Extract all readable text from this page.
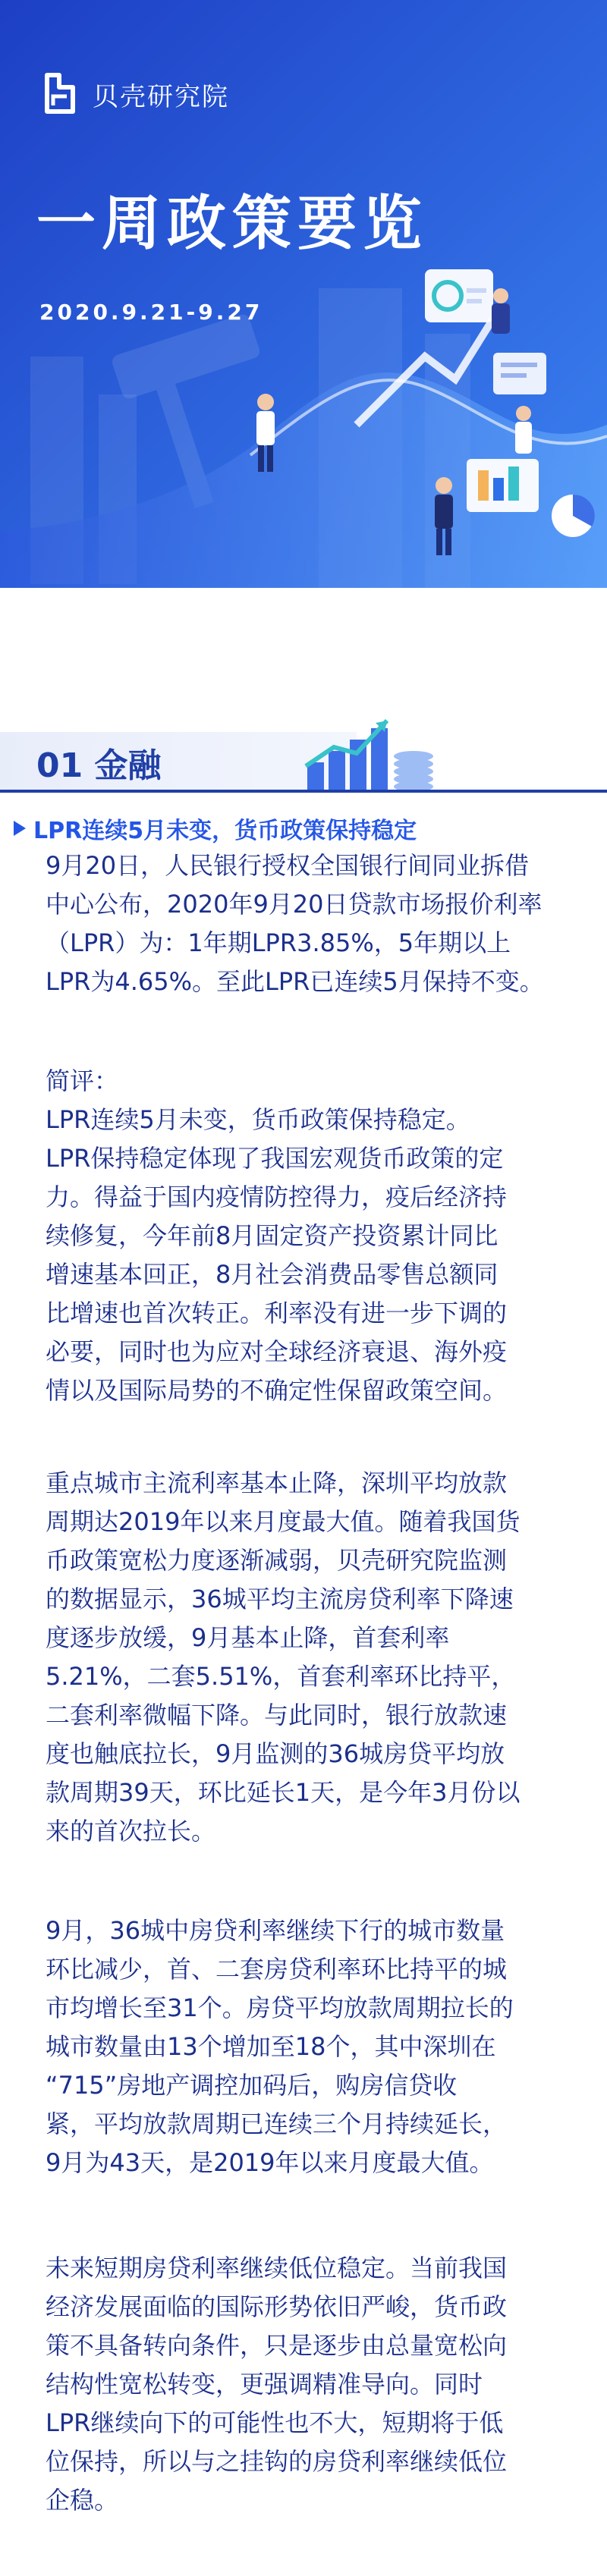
贝壳研究院
一周政策要览
2020.9.21-9.27
01 金融
LPR连续5月未变，货币政策保持稳定
9月20日，人民银行授权全国银行间同业拆借
中心公布，2020年9月20日贷款市场报价利率
（LPR）为：1年期LPR3.85%，5年期以上
LPR为4.65%。至此LPR已连续5月保持不变。
简评：
LPR连续5月未变，货币政策保持稳定。
LPR保持稳定体现了我国宏观货币政策的定
力。得益于国内疫情防控得力，疫后经济持
续修复，今年前8月固定资产投资累计同比
增速基本回正，8月社会消费品零售总额同
比增速也首次转正。利率没有进一步下调的
必要，同时也为应对全球经济衰退、海外疫
情以及国际局势的不确定性保留政策空间。
重点城市主流利率基本止降，深圳平均放款
周期达2019年以来月度最大值。随着我国货
币政策宽松力度逐渐减弱，贝壳研究院监测
的数据显示，36城平均主流房贷利率下降速
度逐步放缓，9月基本止降，首套利率
5.21%，二套5.51%，首套利率环比持平，
二套利率微幅下降。与此同时，银行放款速
度也触底拉长，9月监测的36城房贷平均放
款周期39天，环比延长1天，是今年3月份以
来的首次拉长。
9月，36城中房贷利率继续下行的城市数量
环比减少，首、二套房贷利率环比持平的城
市均增长至31个。房贷平均放款周期拉长的
城市数量由13个增加至18个，其中深圳在
“715”房地产调控加码后，购房信贷收
紧，平均放款周期已连续三个月持续延长，
9月为43天，是2019年以来月度最大值。
未来短期房贷利率继续低位稳定。当前我国
经济发展面临的国际形势依旧严峻，货币政
策不具备转向条件，只是逐步由总量宽松向
结构性宽松转变，更强调精准导向。同时
LPR继续向下的可能性也不大，短期将于低
位保持，所以与之挂钩的房贷利率继续低位
企稳。
